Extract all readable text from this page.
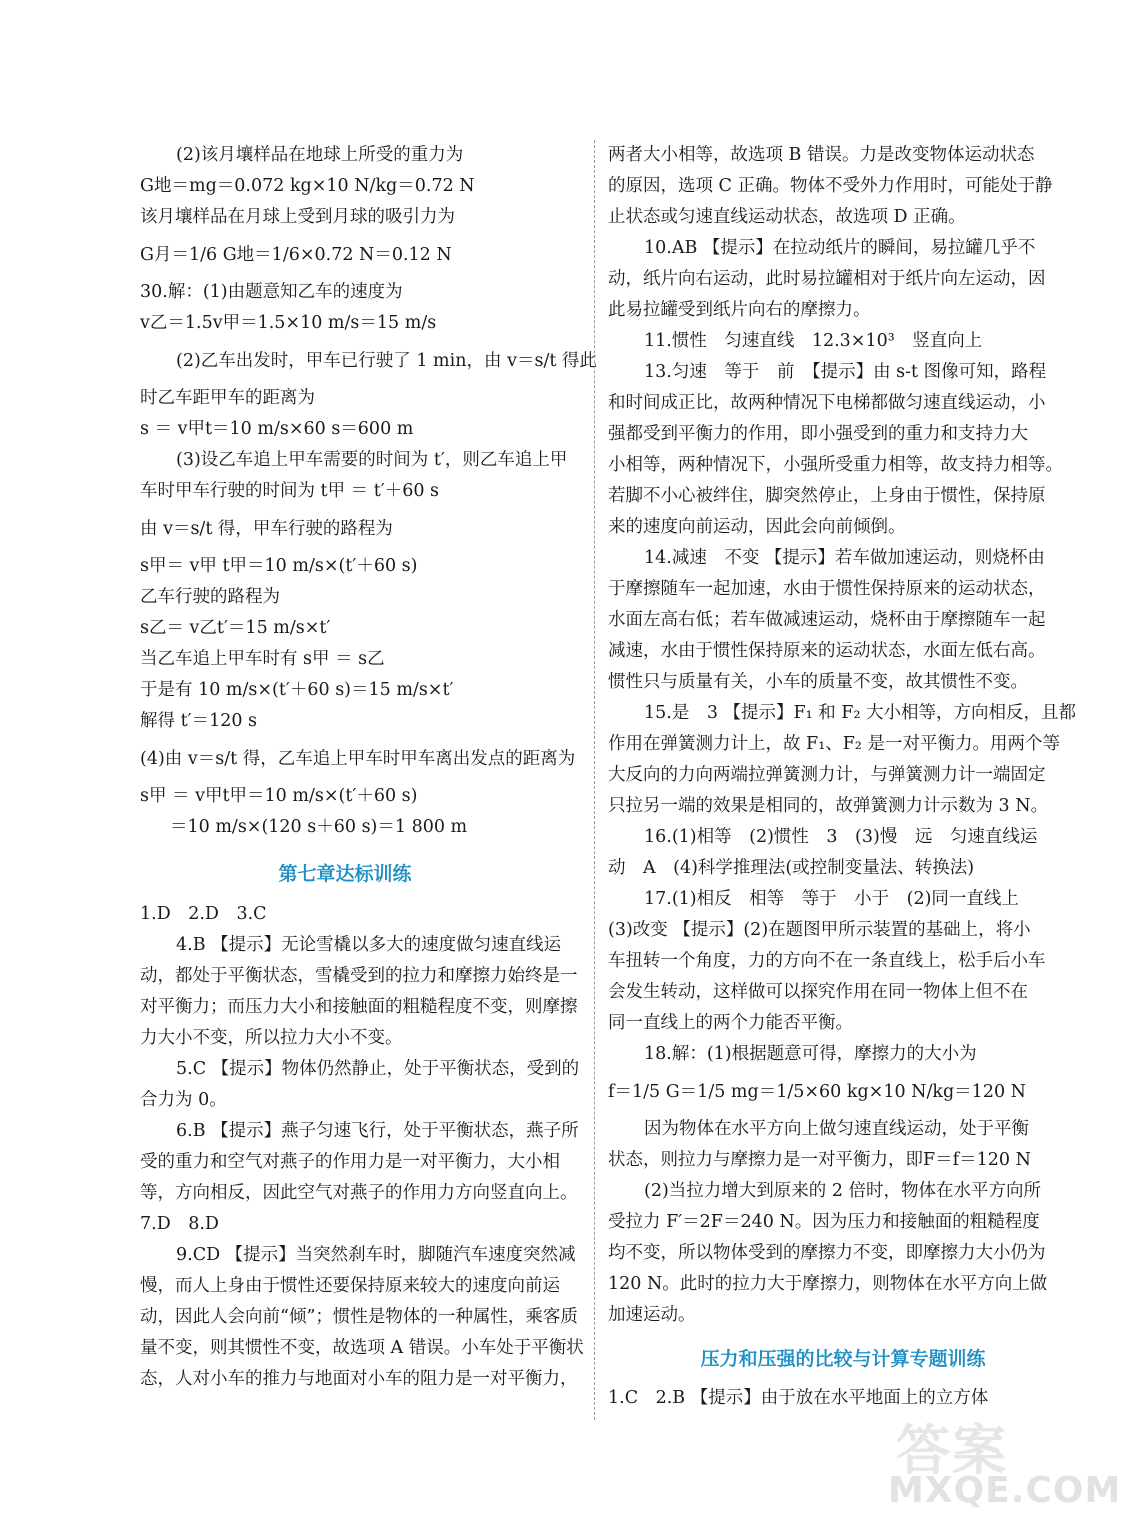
(2)该月壤样品在地球上所受的重力为
G地＝mg＝0.072 kg×10 N/kg＝0.72 N
该月壤样品在月球上受到月球的吸引力为
G月＝1/6 G地＝1/6×0.72 N＝0.12 N
30.解：(1)由题意知乙车的速度为
v乙＝1.5v甲＝1.5×10 m/s＝15 m/s
(2)乙车出发时，甲车已行驶了 1 min，由 v＝s/t 得此
时乙车距甲车的距离为
s ＝ v甲t＝10 m/s×60 s＝600 m
(3)设乙车追上甲车需要的时间为 t′，则乙车追上甲
车时甲车行驶的时间为 t甲 ＝ t′＋60 s
由 v＝s/t 得，甲车行驶的路程为
s甲＝ v甲 t甲＝10 m/s×(t′＋60 s)
乙车行驶的路程为
s乙＝ v乙t′＝15 m/s×t′
当乙车追上甲车时有 s甲 ＝ s乙
于是有 10 m/s×(t′＋60 s)＝15 m/s×t′
解得 t′＝120 s
(4)由 v＝s/t 得，乙车追上甲车时甲车离出发点的距离为
s甲 ＝ v甲t甲＝10 m/s×(t′＋60 s)
＝10 m/s×(120 s＋60 s)＝1 800 m
第七章达标训练
1.D　2.D　3.C
4.B 【提示】无论雪橇以多大的速度做匀速直线运
动，都处于平衡状态，雪橇受到的拉力和摩擦力始终是一
对平衡力；而压力大小和接触面的粗糙程度不变，则摩擦
力大小不变，所以拉力大小不变。
5.C 【提示】物体仍然静止，处于平衡状态，受到的
合力为 0。
6.B 【提示】燕子匀速飞行，处于平衡状态，燕子所
受的重力和空气对燕子的作用力是一对平衡力，大小相
等，方向相反，因此空气对燕子的作用力方向竖直向上。
7.D　8.D
9.CD 【提示】当突然刹车时，脚随汽车速度突然减
慢，而人上身由于惯性还要保持原来较大的速度向前运
动，因此人会向前“倾”；惯性是物体的一种属性，乘客质
量不变，则其惯性不变，故选项 A 错误。小车处于平衡状
态，人对小车的推力与地面对小车的阻力是一对平衡力，
两者大小相等，故选项 B 错误。力是改变物体运动状态
的原因，选项 C 正确。物体不受外力作用时，可能处于静
止状态或匀速直线运动状态，故选项 D 正确。
10.AB 【提示】在拉动纸片的瞬间，易拉罐几乎不
动，纸片向右运动，此时易拉罐相对于纸片向左运动，因
此易拉罐受到纸片向右的摩擦力。
11.惯性　匀速直线　12.3×10³　竖直向上
13.匀速　等于　前　【提示】由 s-t 图像可知，路程
和时间成正比，故两种情况下电梯都做匀速直线运动，小
强都受到平衡力的作用，即小强受到的重力和支持力大
小相等，两种情况下，小强所受重力相等，故支持力相等。
若脚不小心被绊住，脚突然停止，上身由于惯性，保持原
来的速度向前运动，因此会向前倾倒。
14.减速　不变 【提示】若车做加速运动，则烧杯由
于摩擦随车一起加速，水由于惯性保持原来的运动状态，
水面左高右低；若车做减速运动，烧杯由于摩擦随车一起
减速，水由于惯性保持原来的运动状态，水面左低右高。
惯性只与质量有关，小车的质量不变，故其惯性不变。
15.是　3 【提示】F₁ 和 F₂ 大小相等，方向相反，且都
作用在弹簧测力计上，故 F₁、F₂ 是一对平衡力。用两个等
大反向的力向两端拉弹簧测力计，与弹簧测力计一端固定
只拉另一端的效果是相同的，故弹簧测力计示数为 3 N。
16.(1)相等　(2)惯性　3　(3)慢　远　匀速直线运
动　A　(4)科学推理法(或控制变量法、转换法)
17.(1)相反　相等　等于　小于　(2)同一直线上
(3)改变 【提示】(2)在题图甲所示装置的基础上，将小
车扭转一个角度，力的方向不在一条直线上，松手后小车
会发生转动，这样做可以探究作用在同一物体上但不在
同一直线上的两个力能否平衡。
18.解：(1)根据题意可得，摩擦力的大小为
f＝1/5 G＝1/5 mg＝1/5×60 kg×10 N/kg＝120 N
因为物体在水平方向上做匀速直线运动，处于平衡
状态，则拉力与摩擦力是一对平衡力，即F＝f＝120 N
(2)当拉力增大到原来的 2 倍时，物体在水平方向所
受拉力 F′＝2F＝240 N。因为压力和接触面的粗糙程度
均不变，所以物体受到的摩擦力不变，即摩擦力大小仍为
120 N。此时的拉力大于摩擦力，则物体在水平方向上做
加速运动。
压力和压强的比较与计算专题训练
1.C　2.B 【提示】由于放在水平地面上的立方体
答案
MXQE.COM
